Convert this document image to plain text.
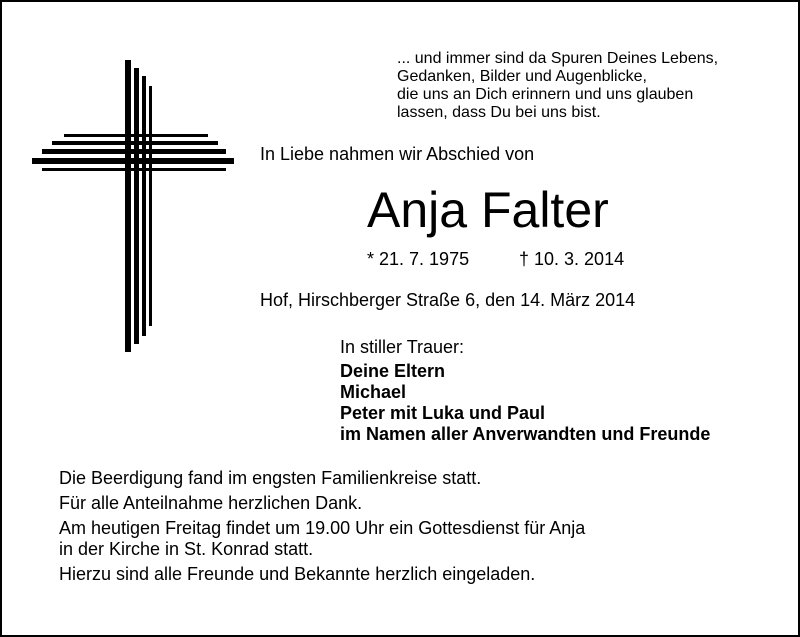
... und immer sind da Spuren Deines Lebens,
Gedanken, Bilder und Augenblicke,
die uns an Dich erinnern und uns glauben
lassen, dass Du bei uns bist.
In Liebe nahmen wir Abschied von
Anja Falter
* 21. 7. 1975	† 10. 3. 2014
Hof, Hirschberger Straße 6, den 14. März 2014
In stiller Trauer:
Deine Eltern
Michael
Peter mit Luka und Paul
im Namen aller Anverwandten und Freunde
Die Beerdigung fand im engsten Familienkreise statt.
Für alle Anteilnahme herzlichen Dank.
Am heutigen Freitag findet um 19.00 Uhr ein Gottesdienst für Anja
in der Kirche in St. Konrad statt.
Hierzu sind alle Freunde und Bekannte herzlich eingeladen.
